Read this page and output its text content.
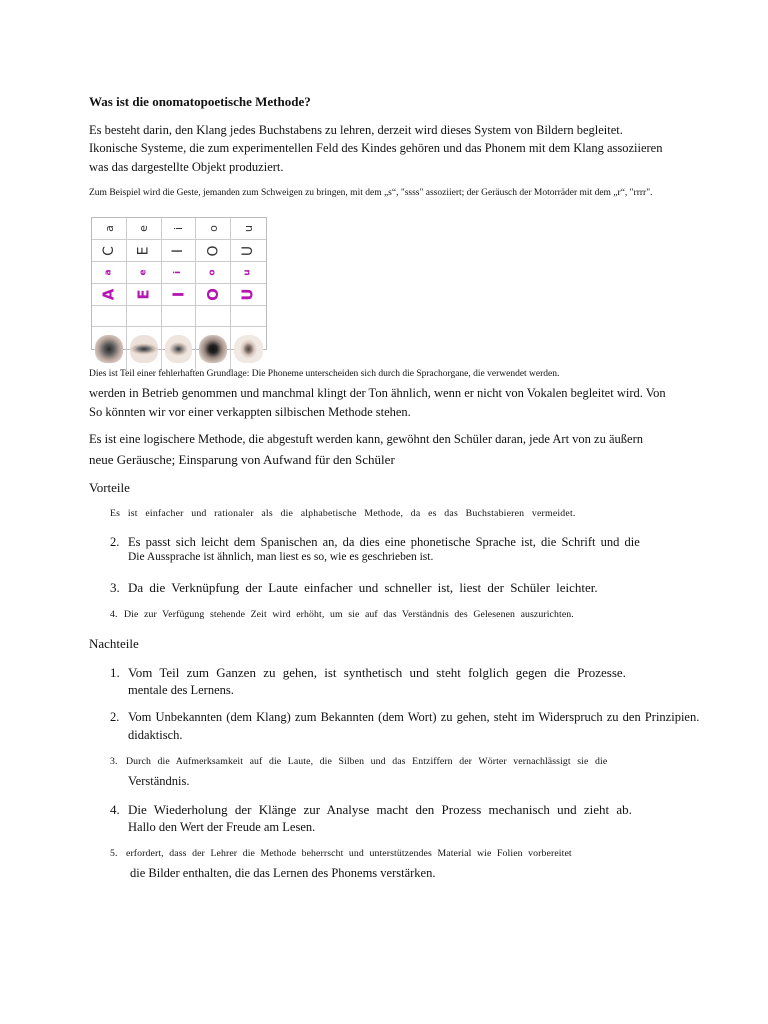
Was ist die onomatopoetische Methode?
Es besteht darin, den Klang jedes Buchstabens zu lehren, derzeit wird dieses System von Bildern begleitet.
Ikonische Systeme, die zum experimentellen Feld des Kindes gehören und das Phonem mit dem Klang assoziieren
was das dargestellte Objekt produziert.
Zum Beispiel wird die Geste, jemanden zum Schweigen zu bringen, mit dem „s“, "ssss" assoziiert; der Geräusch der Motorräder mit dem „r“, "rrrr".
a e i o u
C E I O U
a	e	i	o	u
A E I O U
Dies ist Teil einer fehlerhaften Grundlage: Die Phoneme unterscheiden sich durch die Sprachorgane, die verwendet werden.
werden in Betrieb genommen und manchmal klingt der Ton ähnlich, wenn er nicht von Vokalen begleitet wird. Von
So könnten wir vor einer verkappten silbischen Methode stehen.
Es ist eine logischere Methode, die abgestuft werden kann, gewöhnt den Schüler daran, jede Art von zu äußern
neue Geräusche; Einsparung von Aufwand für den Schüler
Vorteile
Es ist einfacher und rationaler als die alphabetische Methode, da es das Buchstabieren vermeidet.
2. Es passt sich leicht dem Spanischen an, da dies eine phonetische Sprache ist, die Schrift und die
Die Aussprache ist ähnlich, man liest es so, wie es geschrieben ist.
3. Da die Verknüpfung der Laute einfacher und schneller ist, liest der Schüler leichter.
4. Die zur Verfügung stehende Zeit wird erhöht, um sie auf das Verständnis des Gelesenen auszurichten.
Nachteile
1. Vom Teil zum Ganzen zu gehen, ist synthetisch und steht folglich gegen die Prozesse.
mentale des Lernens.
2. Vom Unbekannten (dem Klang) zum Bekannten (dem Wort) zu gehen, steht im Widerspruch zu den Prinzipien.
didaktisch.
3. Durch die Aufmerksamkeit auf die Laute, die Silben und das Entziffern der Wörter vernachlässigt sie die
Verständnis.
4. Die Wiederholung der Klänge zur Analyse macht den Prozess mechanisch und zieht ab.
Hallo den Wert der Freude am Lesen.
5. erfordert, dass der Lehrer die Methode beherrscht und unterstützendes Material wie Folien vorbereitet
die Bilder enthalten, die das Lernen des Phonems verstärken.
